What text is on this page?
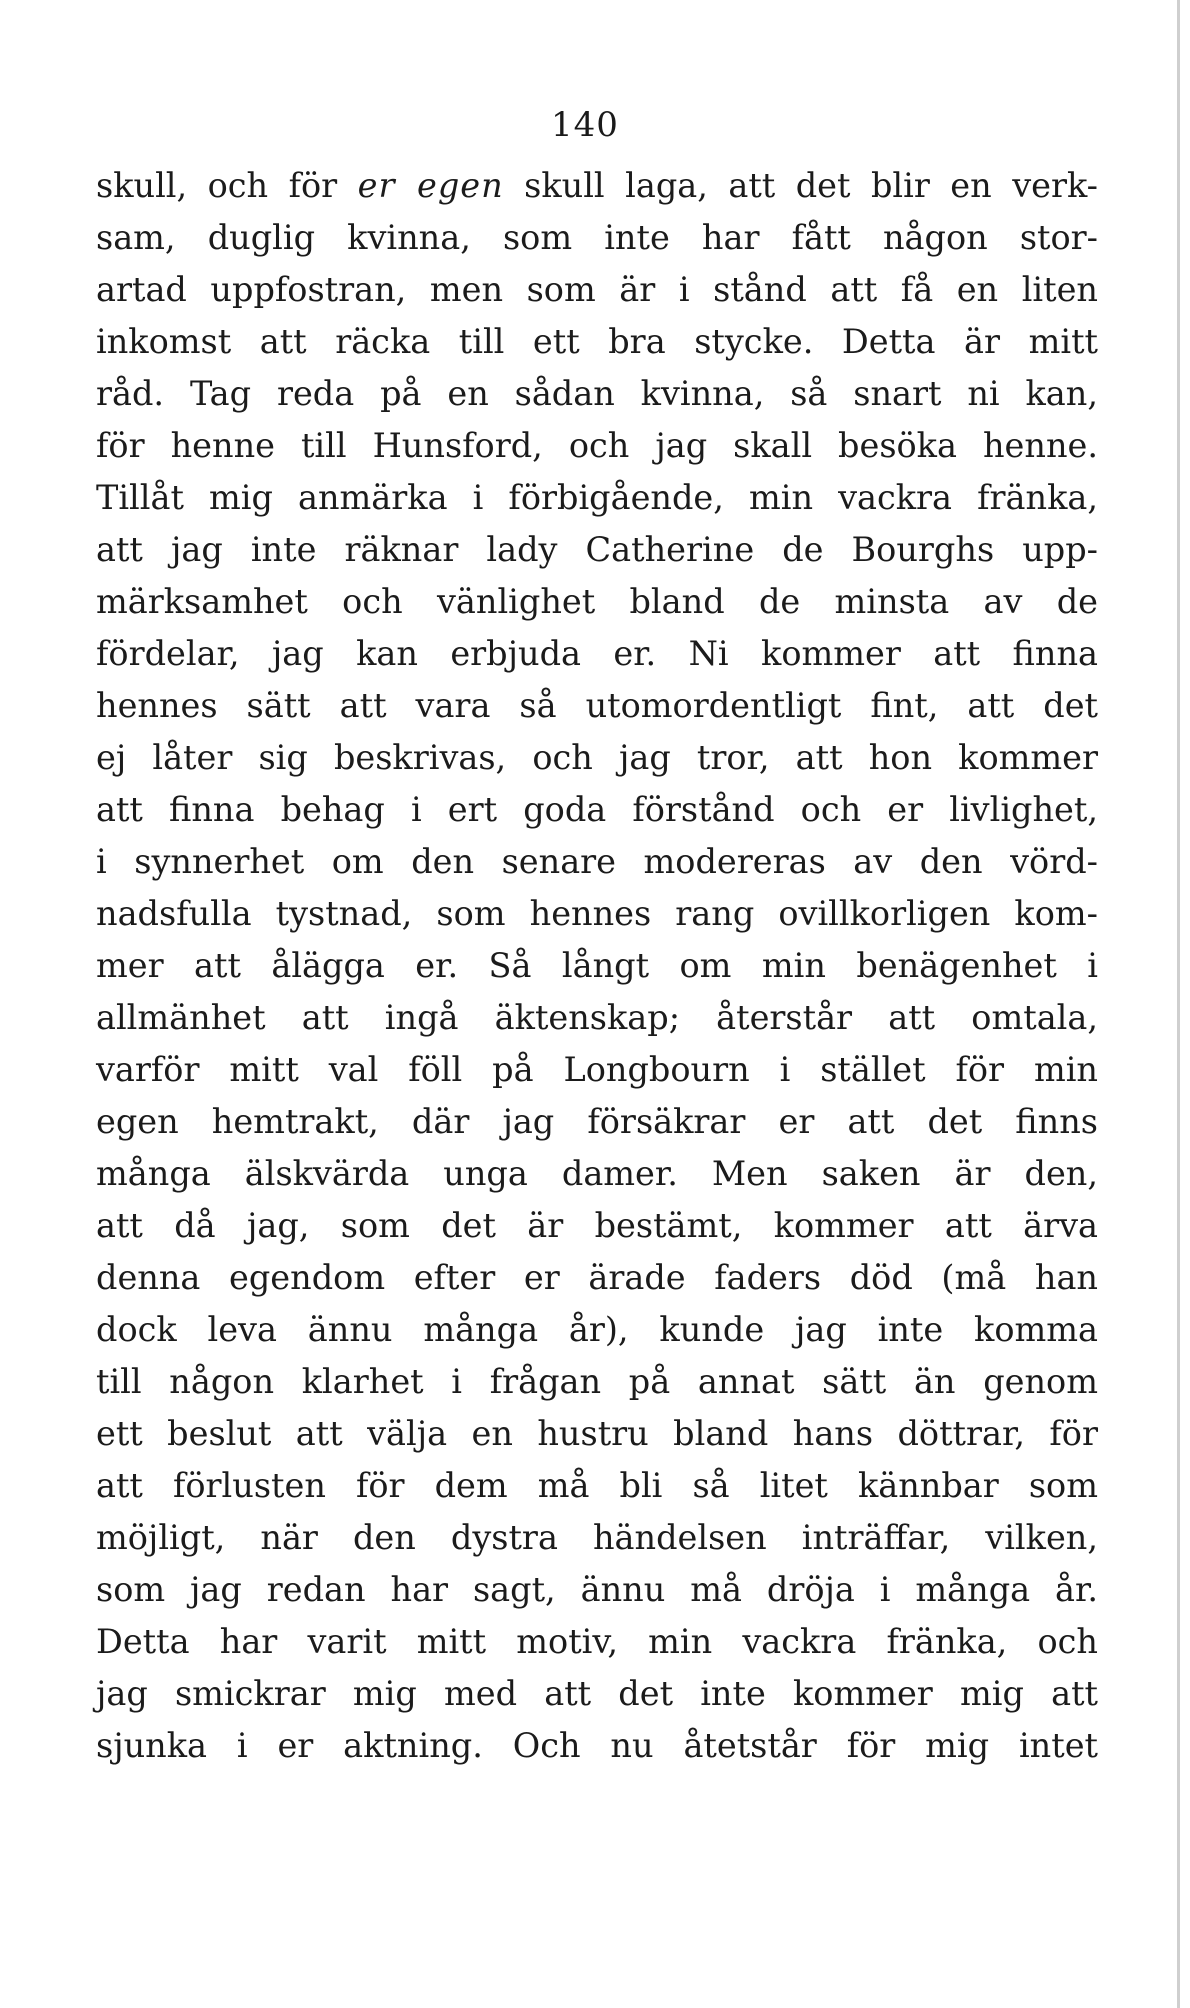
140
skull, och för er egen skull laga, att det blir en verk-
sam, duglig kvinna, som inte har fått någon stor-
artad uppfostran, men som är i stånd att få en liten
inkomst att räcka till ett bra stycke. Detta är mitt
råd. Tag reda på en sådan kvinna, så snart ni kan,
för henne till Hunsford, och jag skall besöka henne.
Tillåt mig anmärka i förbigående, min vackra fränka,
att jag inte räknar lady Catherine de Bourghs upp-
märksamhet och vänlighet bland de minsta av de
fördelar, jag kan erbjuda er. Ni kommer att finna
hennes sätt att vara så utomordentligt fint, att det
ej låter sig beskrivas, och jag tror, att hon kommer
att finna behag i ert goda förstånd och er livlighet,
i synnerhet om den senare modereras av den vörd-
nadsfulla tystnad, som hennes rang ovillkorligen kom-
mer att ålägga er. Så långt om min benägenhet i
allmänhet att ingå äktenskap; återstår att omtala,
varför mitt val föll på Longbourn i stället för min
egen hemtrakt, där jag försäkrar er att det finns
många älskvärda unga damer. Men saken är den,
att då jag, som det är bestämt, kommer att ärva
denna egendom efter er ärade faders död (må han
dock leva ännu många år), kunde jag inte komma
till någon klarhet i frågan på annat sätt än genom
ett beslut att välja en hustru bland hans döttrar, för
att förlusten för dem må bli så litet kännbar som
möjligt, när den dystra händelsen inträffar, vilken,
som jag redan har sagt, ännu må dröja i många år.
Detta har varit mitt motiv, min vackra fränka, och
jag smickrar mig med att det inte kommer mig att
sjunka i er aktning. Och nu åtetstår för mig intet
